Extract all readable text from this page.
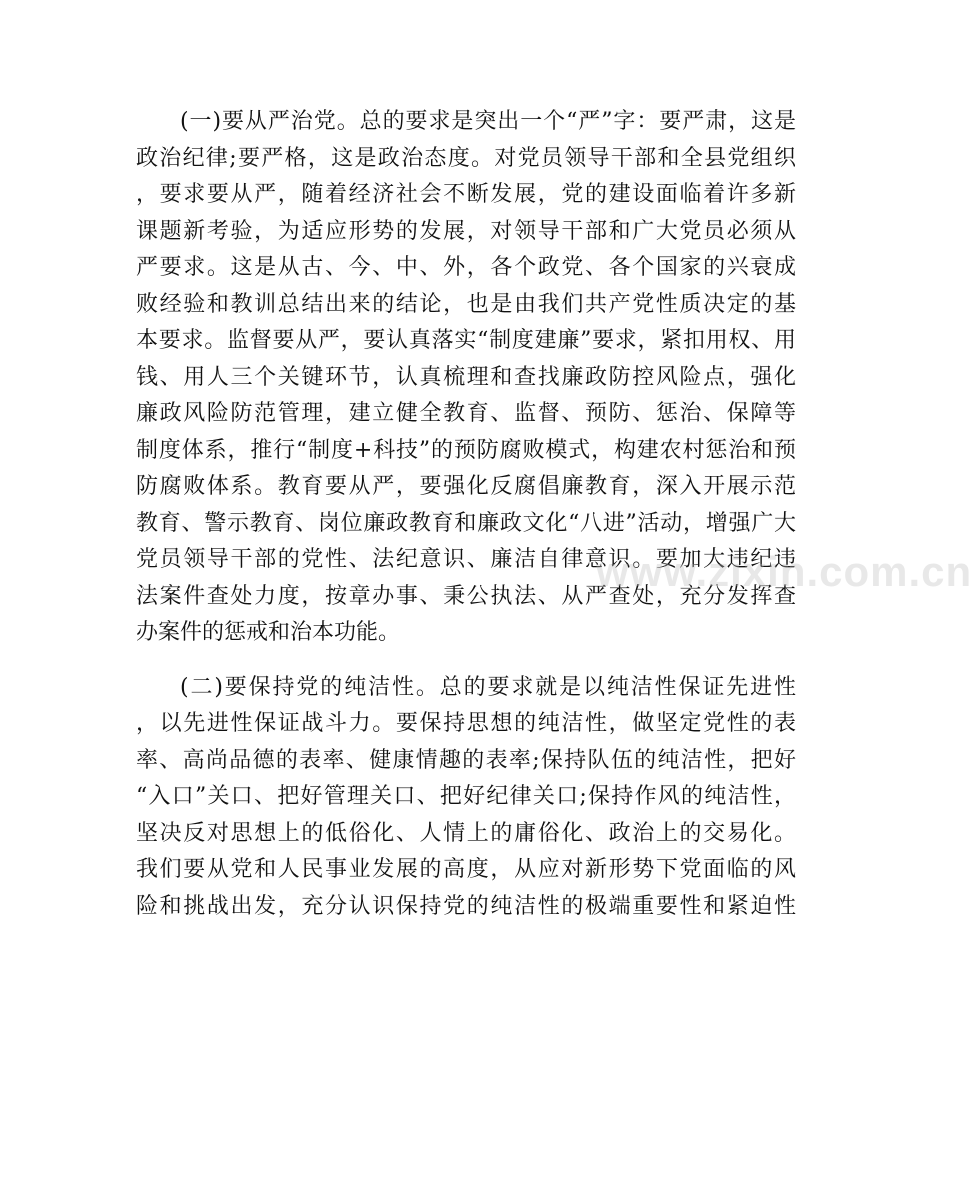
(一)要从严治党。总的要求是突出一个“严”字：要严肃，这是
政治纪律;要严格，这是政治态度。对党员领导干部和全县党组织
，要求要从严，随着经济社会不断发展，党的建设面临着许多新
课题新考验，为适应形势的发展，对领导干部和广大党员必须从
严要求。这是从古、今、中、外，各个政党、各个国家的兴衰成
败经验和教训总结出来的结论，也是由我们共产党性质决定的基
本要求。监督要从严，要认真落实“制度建廉”要求，紧扣用权、用
钱、用人三个关键环节，认真梳理和查找廉政防控风险点，强化
廉政风险防范管理，建立健全教育、监督、预防、惩治、保障等
制度体系，推行“制度+科技”的预防腐败模式，构建农村惩治和预
防腐败体系。教育要从严，要强化反腐倡廉教育，深入开展示范
教育、警示教育、岗位廉政教育和廉政文化“八进”活动，增强广大
党员领导干部的党性、法纪意识、廉洁自律意识。要加大违纪违
法案件查处力度，按章办事、秉公执法、从严查处，充分发挥查
办案件的惩戒和治本功能。
(二)要保持党的纯洁性。总的要求就是以纯洁性保证先进性
，以先进性保证战斗力。要保持思想的纯洁性，做坚定党性的表
率、高尚品德的表率、健康情趣的表率;保持队伍的纯洁性，把好
“入口”关口、把好管理关口、把好纪律关口;保持作风的纯洁性，
坚决反对思想上的低俗化、人情上的庸俗化、政治上的交易化。
我们要从党和人民事业发展的高度，从应对新形势下党面临的风
险和挑战出发，充分认识保持党的纯洁性的极端重要性和紧迫性
www.zixin.com.cn
